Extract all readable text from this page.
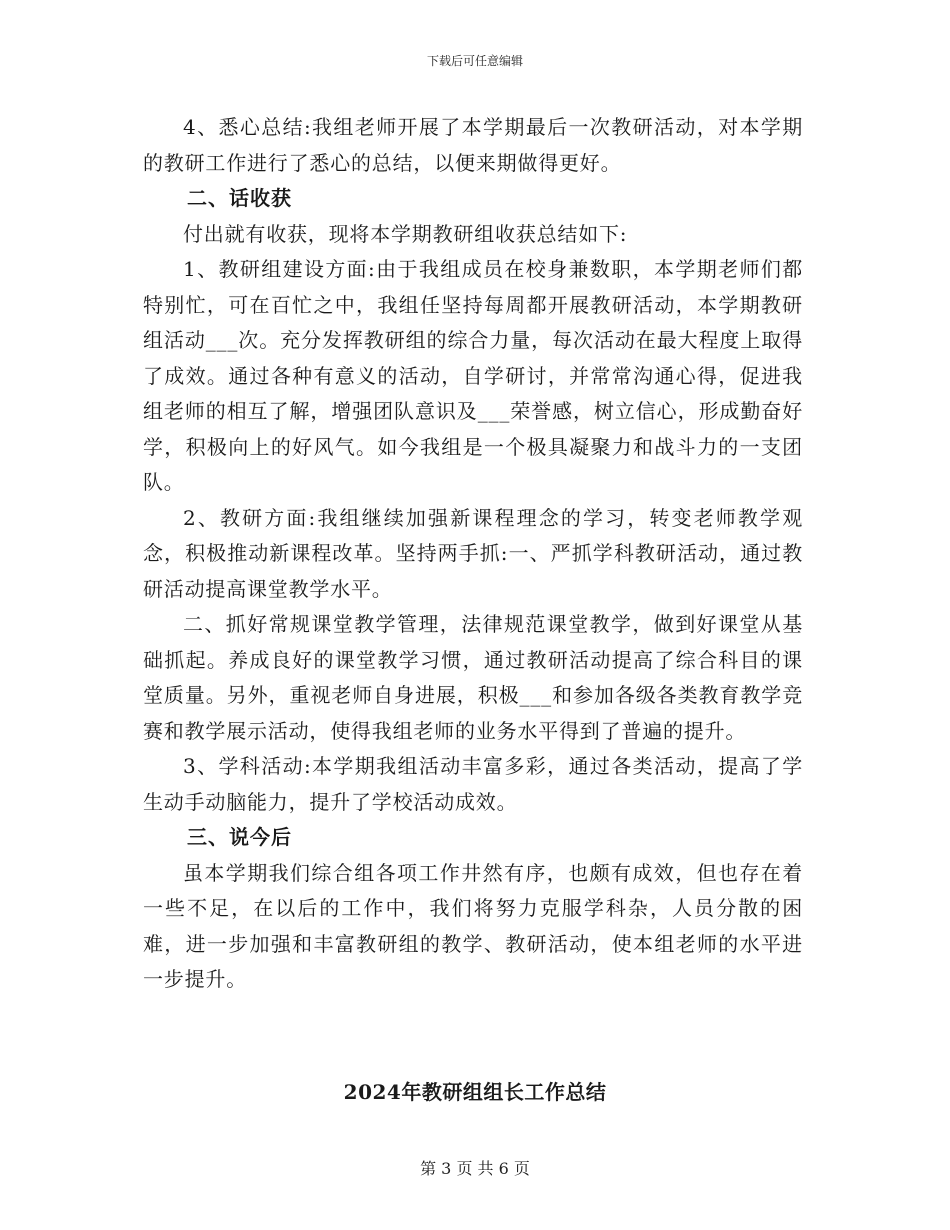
下载后可任意编辑

4、悉心总结:我组老师开展了本学期最后一次教研活动，对本学期的教研工作进行了悉心的总结，以便来期做得更好。

二、话收获

付出就有收获，现将本学期教研组收获总结如下:

1、教研组建设方面:由于我组成员在校身兼数职，本学期老师们都特别忙，可在百忙之中，我组任坚持每周都开展教研活动，本学期教研组活动___次。充分发挥教研组的综合力量，每次活动在最大程度上取得了成效。通过各种有意义的活动，自学研讨，并常常沟通心得，促进我组老师的相互了解，增强团队意识及___荣誉感，树立信心，形成勤奋好学，积极向上的好风气。如今我组是一个极具凝聚力和战斗力的一支团队。

2、教研方面:我组继续加强新课程理念的学习，转变老师教学观念，积极推动新课程改革。坚持两手抓:一、严抓学科教研活动，通过教研活动提高课堂教学水平。

二、抓好常规课堂教学管理，法律规范课堂教学，做到好课堂从基础抓起。养成良好的课堂教学习惯，通过教研活动提高了综合科目的课堂质量。另外，重视老师自身进展，积极___和参加各级各类教育教学竞赛和教学展示活动，使得我组老师的业务水平得到了普遍的提升。

3、学科活动:本学期我组活动丰富多彩，通过各类活动，提高了学生动手动脑能力，提升了学校活动成效。

三、说今后

虽本学期我们综合组各项工作井然有序，也颇有成效，但也存在着一些不足，在以后的工作中，我们将努力克服学科杂，人员分散的困难，进一步加强和丰富教研组的教学、教研活动，使本组老师的水平进一步提升。

2024年教研组组长工作总结
第 3 页 共 6 页
